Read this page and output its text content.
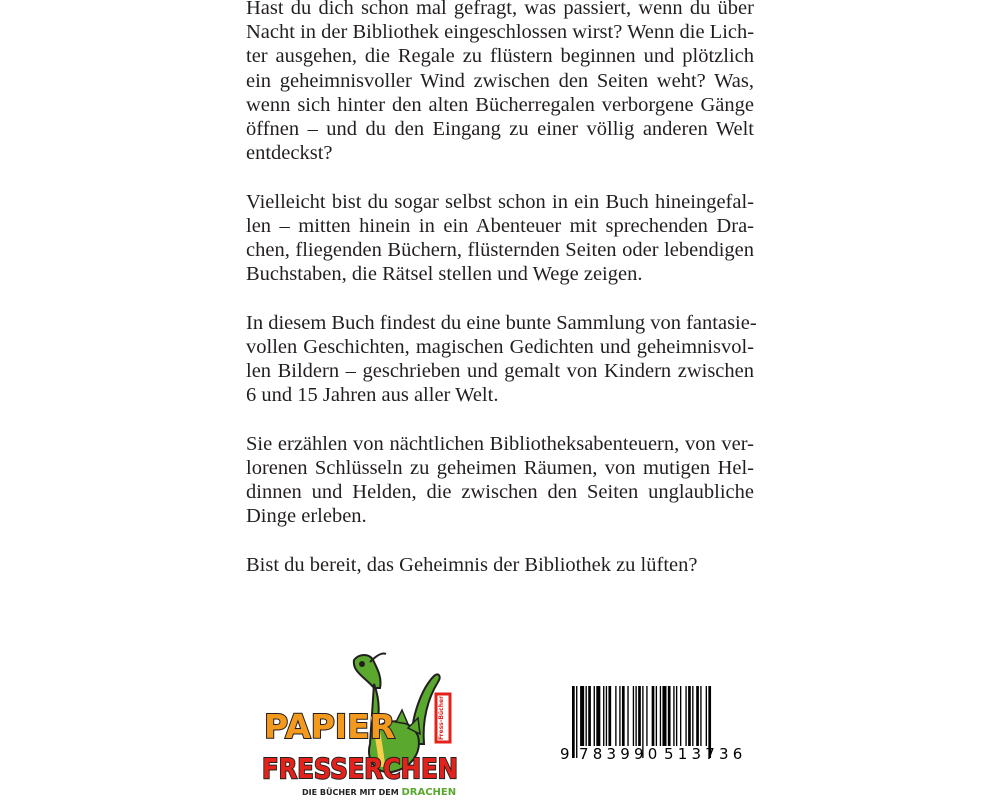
Hast du dich schon mal gefragt, was passiert, wenn du über
Nacht in der Bibliothek eingeschlossen wirst? Wenn die Lich-
ter ausgehen, die Regale zu flüstern beginnen und plötzlich
ein geheimnisvoller Wind zwischen den Seiten weht? Was,
wenn sich hinter den alten Bücherregalen verborgene Gänge
öffnen – und du den Eingang zu einer völlig anderen Welt
entdeckst?

Vielleicht bist du sogar selbst schon in ein Buch hineingefal-
len – mitten hinein in ein Abenteuer mit sprechenden Dra-
chen, fliegenden Büchern, flüsternden Seiten oder lebendigen
Buchstaben, die Rätsel stellen und Wege zeigen.

In diesem Buch findest du eine bunte Sammlung von fantasie-
vollen Geschichten, magischen Gedichten und geheimnisvol-
len Bildern – geschrieben und gemalt von Kindern zwischen
6 und 15 Jahren aus aller Welt.

Sie erzählen von nächtlichen Bibliotheksabenteuern, von ver-
lorenen Schlüsseln zu geheimen Räumen, von mutigen Hel-
dinnen und Helden, die zwischen den Seiten unglaubliche
Dinge erleben.

Bist du bereit, das Geheimnis der Bibliothek zu lüften?

Fress-Bücher
PAPIER
FRESSERCHEN
DIE BÜCHER MIT DEM DRACHEN
9 783990 513736
